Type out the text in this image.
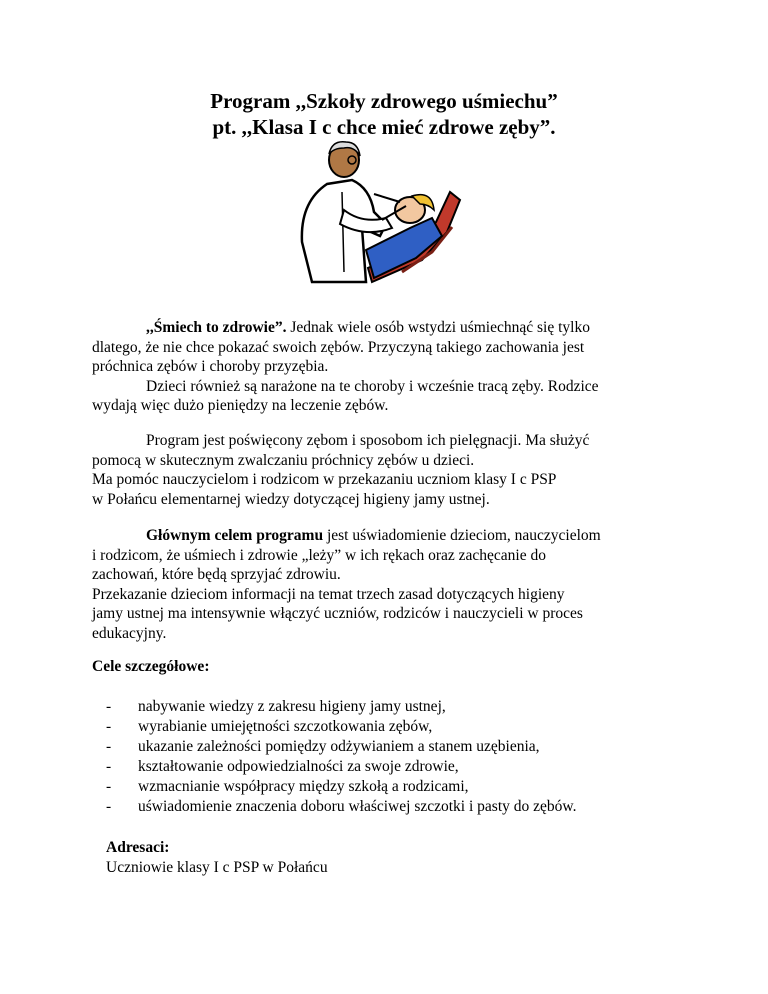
Program ,,Szkoły zdrowego uśmiechu”
pt. ,,Klasa I c chce mieć zdrowe zęby”.

,,Śmiech to zdrowie”. Jednak wiele osób wstydzi uśmiechnąć się tylko

dlatego, że nie chce pokazać swoich zębów. Przyczyną takiego zachowania jest

próchnica zębów i choroby przyzębia.

Dzieci również są narażone na te choroby i wcześnie tracą zęby. Rodzice

wydają więc dużo pieniędzy na leczenie zębów.

Program jest poświęcony zębom i sposobom ich pielęgnacji. Ma służyć

pomocą w skutecznym zwalczaniu próchnicy zębów u dzieci.

Ma pomóc nauczycielom i rodzicom w przekazaniu uczniom klasy I c PSP

w Połańcu elementarnej wiedzy dotyczącej higieny jamy ustnej.

Głównym celem programu jest uświadomienie dzieciom, nauczycielom

i rodzicom, że uśmiech i zdrowie „leży” w ich rękach oraz zachęcanie do

zachowań, które będą sprzyjać zdrowiu.

Przekazanie dzieciom informacji na temat trzech zasad dotyczących higieny

jamy ustnej ma intensywnie włączyć uczniów, rodziców i nauczycieli w proces

edukacyjny.

Cele szczegółowe:
- nabywanie wiedzy z zakresu higieny jamy ustnej,
- wyrabianie umiejętności szczotkowania zębów,
- ukazanie zależności pomiędzy odżywianiem a stanem uzębienia,
- kształtowanie odpowiedzialności za swoje zdrowie,
- wzmacnianie współpracy między szkołą a rodzicami,
- uświadomienie znaczenia doboru właściwej szczotki i pasty do zębów.

Adresaci:

Uczniowie klasy I c PSP w Połańcu
